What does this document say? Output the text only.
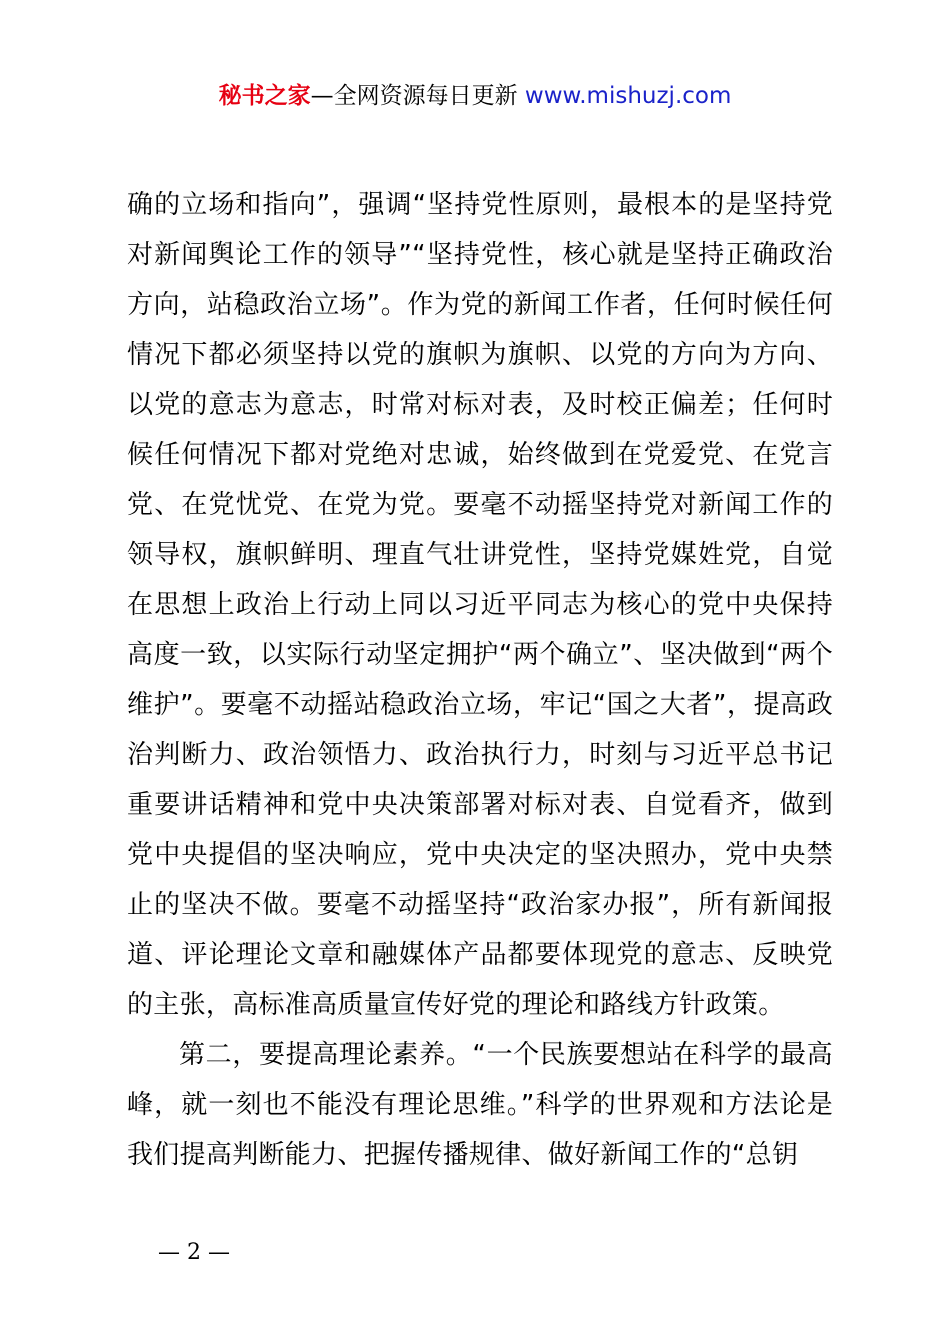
秘书之家—全网资源每日更新 www.mishuzj.com

确的立场和指向”，强调“坚持党性原则，最根本的是坚持党对新闻舆论工作的领导”“坚持党性，核心就是坚持正确政治方向，站稳政治立场”。作为党的新闻工作者，任何时候任何情况下都必须坚持以党的旗帜为旗帜、以党的方向为方向、以党的意志为意志，时常对标对表，及时校正偏差；任何时候任何情况下都对党绝对忠诚，始终做到在党爱党、在党言党、在党忧党、在党为党。要毫不动摇坚持党对新闻工作的领导权，旗帜鲜明、理直气壮讲党性，坚持党媒姓党，自觉在思想上政治上行动上同以习近平同志为核心的党中央保持高度一致，以实际行动坚定拥护“两个确立”、坚决做到“两个维护”。要毫不动摇站稳政治立场，牢记“国之大者”，提高政治判断力、政治领悟力、政治执行力，时刻与习近平总书记重要讲话精神和党中央决策部署对标对表、自觉看齐，做到党中央提倡的坚决响应，党中央决定的坚决照办，党中央禁止的坚决不做。要毫不动摇坚持“政治家办报”，所有新闻报道、评论理论文章和融媒体产品都要体现党的意志、反映党的主张，高标准高质量宣传好党的理论和路线方针政策。

第二，要提高理论素养。“一个民族要想站在科学的最高峰，就一刻也不能没有理论思维。”科学的世界观和方法论是我们提高判断能力、把握传播规律、做好新闻工作的“总钥

— 2 —
